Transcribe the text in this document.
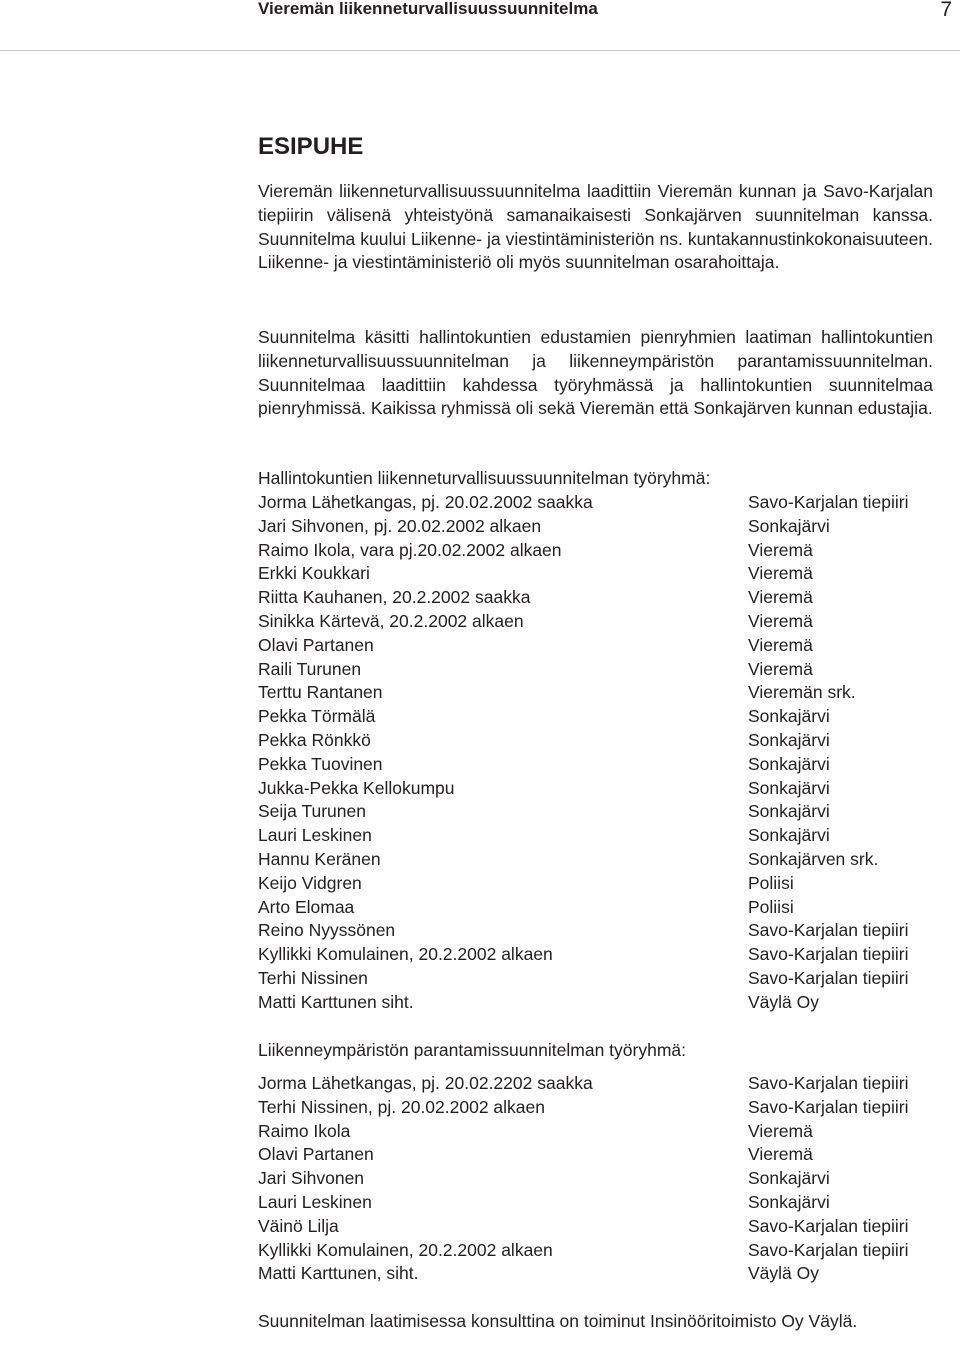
Vieremän liikenneturvallisuussuunnitelma	7
ESIPUHE

Vieremän liikenneturvallisuussuunnitelma laadittiin Vieremän kunnan ja Savo-Karjalan tiepiirin välisenä yhteistyönä samanaikaisesti Sonkajärven suunnitelman kanssa. Suunnitelma kuului Liikenne- ja viestintäministeriön ns. kuntakannustinkokonaisuuteen. Liikenne- ja viestintäministeriö oli myös suunnitelman osarahoittaja.

Suunnitelma käsitti hallintokuntien edustamien pienryhmien laatiman hallintokuntien liikenneturvallisuussuunnitelman ja liikenneympäristön parantamissuunnitelman. Suunnitelmaa laadittiin kahdessa työryhmässä ja hallintokuntien suunnitelmaa pienryhmissä. Kaikissa ryhmissä oli sekä Vieremän että Sonkajärven kunnan edustajia.

Hallintokuntien liikenneturvallisuussuunnitelman työryhmä:
Jorma Lähetkangas, pj. 20.02.2002 saakka	Savo-Karjalan tiepiiri
Jari Sihvonen, pj. 20.02.2002 alkaen	Sonkajärvi
Raimo Ikola, vara pj.20.02.2002 alkaen	Vieremä
Erkki Koukkari	Vieremä
Riitta Kauhanen, 20.2.2002 saakka	Vieremä
Sinikka Kärtevä, 20.2.2002 alkaen	Vieremä
Olavi Partanen	Vieremä
Raili Turunen	Vieremä
Terttu Rantanen	Vieremän srk.
Pekka Törmälä	Sonkajärvi
Pekka Rönkkö	Sonkajärvi
Pekka Tuovinen	Sonkajärvi
Jukka-Pekka Kellokumpu	Sonkajärvi
Seija Turunen	Sonkajärvi
Lauri Leskinen	Sonkajärvi
Hannu Keränen	Sonkajärven srk.
Keijo Vidgren	Poliisi
Arto Elomaa	Poliisi
Reino Nyyssönen	Savo-Karjalan tiepiiri
Kyllikki Komulainen, 20.2.2002 alkaen	Savo-Karjalan tiepiiri
Terhi Nissinen	Savo-Karjalan tiepiiri
Matti Karttunen siht.	Väylä Oy
Liikenneympäristön parantamissuunnitelman työryhmä:
Jorma Lähetkangas, pj. 20.02.2202 saakka	Savo-Karjalan tiepiiri
Terhi Nissinen, pj. 20.02.2002 alkaen	Savo-Karjalan tiepiiri
Raimo Ikola	Vieremä
Olavi Partanen	Vieremä
Jari Sihvonen	Sonkajärvi
Lauri Leskinen	Sonkajärvi
Väinö Lilja	Savo-Karjalan tiepiiri
Kyllikki Komulainen, 20.2.2002 alkaen	Savo-Karjalan tiepiiri
Matti Karttunen, siht.	Väylä Oy

Suunnitelman laatimisessa konsulttina on toiminut Insinööritoimisto Oy Väylä.
